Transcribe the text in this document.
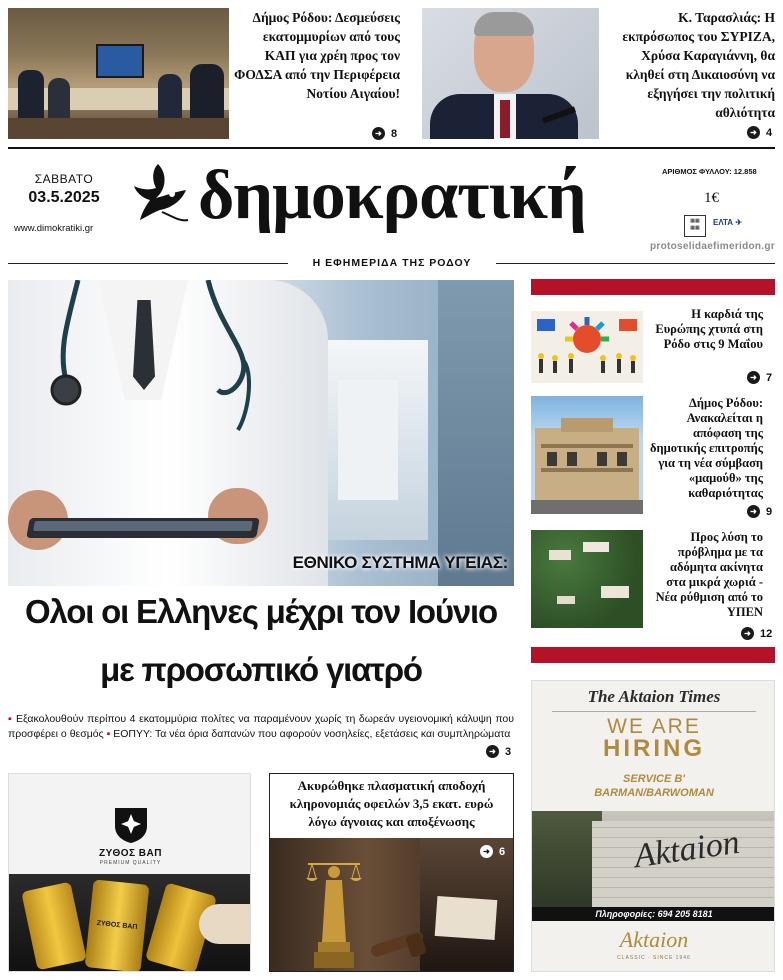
Δήμος Ρόδου: Δεσμεύσεις εκατομμυρίων από τους ΚΑΠ για χρέη προς τον ΦΟΔΣΑ από την Περιφέρεια Νοτίου Αιγαίου!
➜ 8
Κ. Ταρασλιάς: Η εκπρόσωπος του ΣΥΡΙΖΑ, Χρύσα Καραγιάννη, θα κληθεί στη Δικαιοσύνη να εξηγήσει την πολιτική αθλιότητα
➜ 4
ΣΑΒΒΑΤΟ
03.5.2025
www.dimokratiki.gr δημοκρατική	ΑΡΙΘΜΟΣ ΦΥΛΛΟΥ: 12.858
1€
▦▦
▦▦
ΕΛΤΑ ✈
protoselidaefimeridon.gr
Η ΕΦΗΜΕΡΙΔΑ ΤΗΣ ΡΟΔΟΥ
ΕΘΝΙΚΟ ΣΥΣΤΗΜΑ ΥΓΕΙΑΣ:
Ολοι οι Ελληνες μέχρι τον Ιούνιο
με προσωπικό γιατρό
▪ Εξακολουθούν περίπου 4 εκατομμύρια πολίτες να παραμένουν χωρίς τη δωρεάν υγειονομική κάλυψη που προσφέρει ο θεσμός ▪ ΕΟΠΥΥ: Τα νέα όρια δαπανών που αφορούν νοσηλείες, εξετάσεις και συμπληρώματα
➜ 3
Η καρδιά της Ευρώπης χτυπά στη Ρόδο στις 9 Μαΐου
➜ 7
Δήμος Ρόδου: Ανακαλείται η απόφαση της δημοτικής επιτροπής για τη νέα σύμβαση «μαμούθ» της καθαριότητας
➜ 9
Προς λύση το πρόβλημα με τα αδόμητα ακίνητα στα μικρά χωριά - Νέα ρύθμιση από το ΥΠΕΝ
➜ 12
ΖΥΘΟΣ ΒΑΠ
PREMIUM QUALITY
ΖΥΘΟΣ ΒΑΠ
Ακυρώθηκε πλασματική αποδοχή κληρονομιάς οφειλών 3,5 εκατ. ευρώ λόγω άγνοιας και αποξένωσης
➜ 6
The Aktaion Times
WE ARE
HIRING
SERVICE B'
BARMAN/BARWOMAN
Aktaion
Πληροφορίες: 694 205 8181
Aktaion
CLASSIC · SINCE 1946
